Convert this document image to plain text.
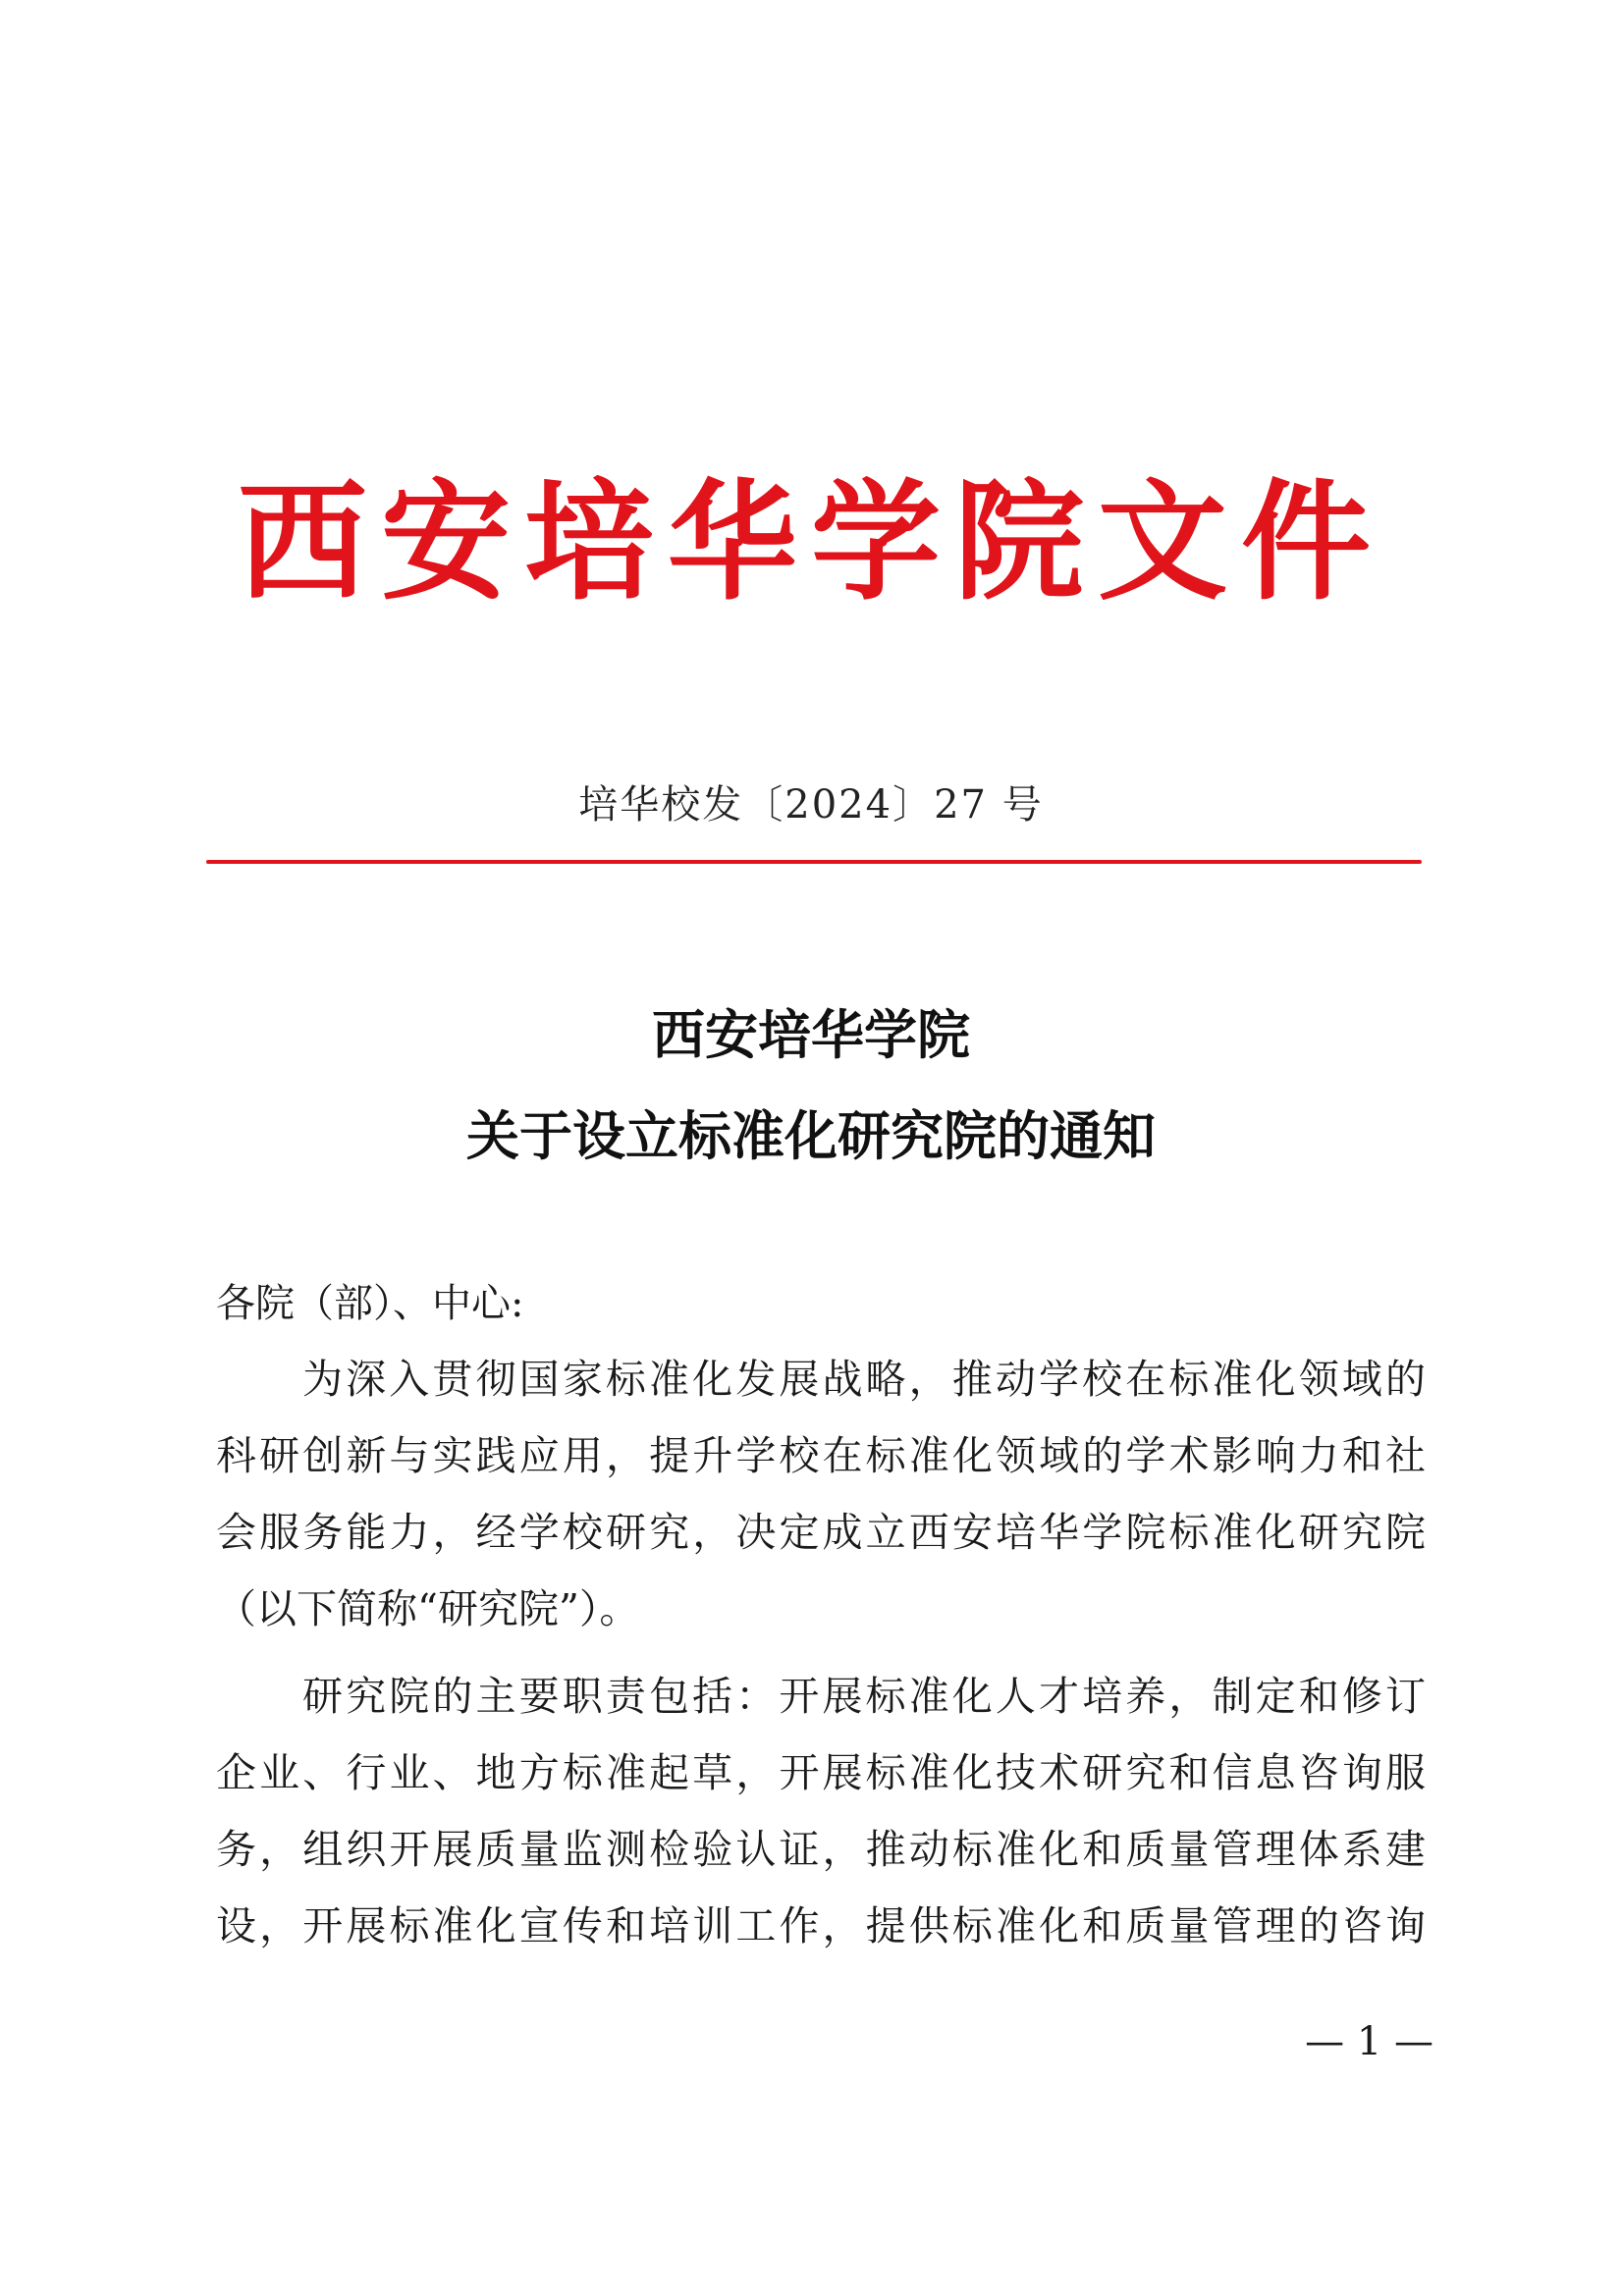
西安培华学院文件
培华校发〔2024〕27 号
西安培华学院
关于设立标准化研究院的通知
各院（部）、中心:
为深入贯彻国家标准化发展战略，推动学校在标准化领域的
科研创新与实践应用，提升学校在标准化领域的学术影响力和社
会服务能力，经学校研究，决定成立西安培华学院标准化研究院
（以下简称“研究院”）。
研究院的主要职责包括：开展标准化人才培养，制定和修订
企业、行业、地方标准起草，开展标准化技术研究和信息咨询服
务，组织开展质量监测检验认证，推动标准化和质量管理体系建
设，开展标准化宣传和培训工作，提供标准化和质量管理的咨询
— 1 —
